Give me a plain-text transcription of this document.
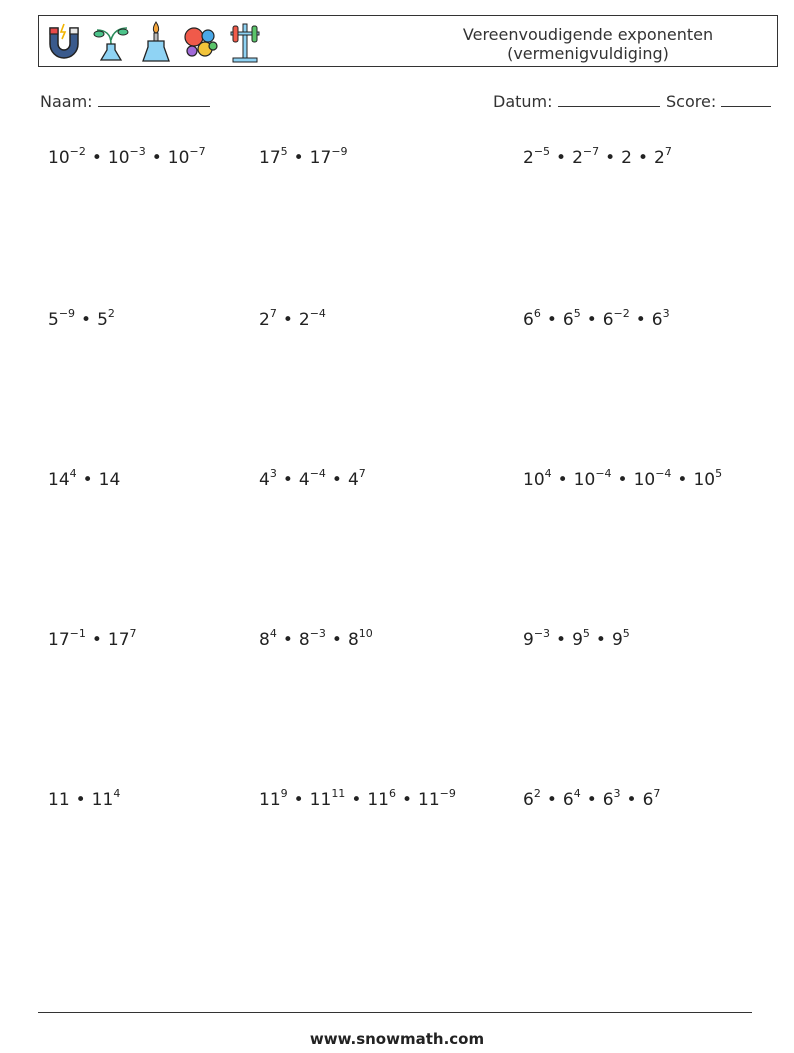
Vereenvoudigende exponenten
(vermenigvuldiging)
Naam:	Datum:	Score:
$10^{-2}$ • $10^{-3}$ • $10^{-7}$	$17^5$ • $17^{-9}$	$2^{-5}$ • $2^{-7}$ • 2 • $2^7$
$5^{-9}$ • $5^2$	$2^7$ • $2^{-4}$	$6^6$ • $6^5$ • $6^{-2}$ • $6^3$
$14^4$ • 14	$4^3$ • $4^{-4}$ • $4^7$	$10^4$ • $10^{-4}$ • $10^{-4}$ • $10^5$
$17^{-1}$ • $17^7$	$8^4$ • $8^{-3}$ • $8^{10}$	$9^{-3}$ • $9^5$ • $9^5$
11 • $11^4$	$11^9$ • $11^{11}$ • $11^6$ • $11^{-9}$	$6^2$ • $6^4$ • $6^3$ • $6^7$
www.snowmath.com
